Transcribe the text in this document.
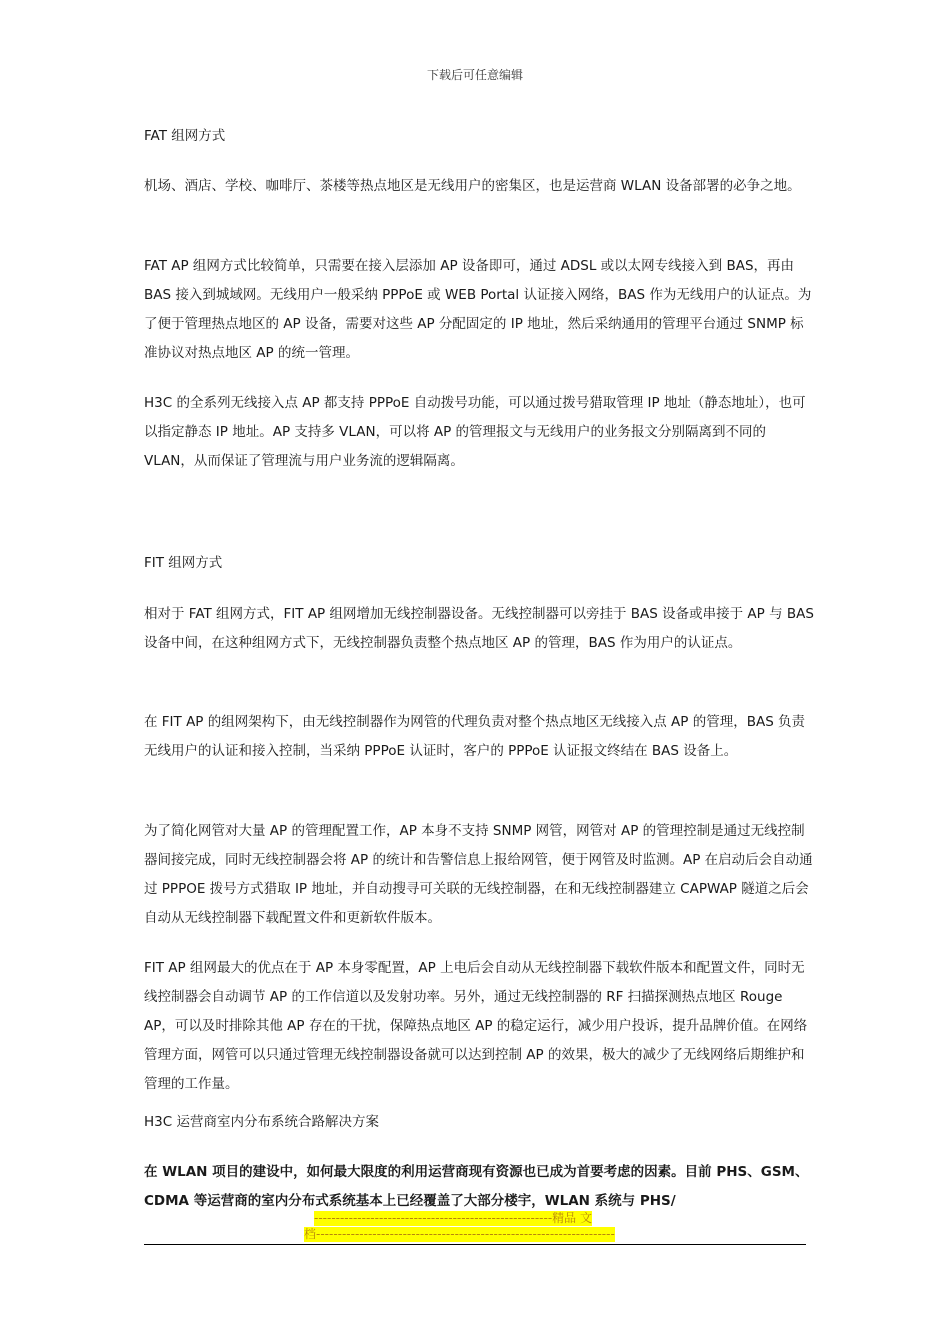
下载后可任意编辑

FAT 组网方式

机场、酒店、学校、咖啡厅、茶楼等热点地区是无线用户的密集区，也是运营商 WLAN 设备部署的必争之地。

FAT AP 组网方式比较简单，只需要在接入层添加 AP 设备即可，通过 ADSL 或以太网专线接入到 BAS，再由 BAS 接入到城域网。无线用户一般采纳 PPPoE 或 WEB Portal 认证接入网络，BAS 作为无线用户的认证点。为了便于管理热点地区的 AP 设备，需要对这些 AP 分配固定的 IP 地址，然后采纳通用的管理平台通过 SNMP 标准协议对热点地区 AP 的统一管理。

H3C 的全系列无线接入点 AP 都支持 PPPoE 自动拨号功能，可以通过拨号猎取管理 IP 地址（静态地址），也可以指定静态 IP 地址。AP 支持多 VLAN，可以将 AP 的管理报文与无线用户的业务报文分别隔离到不同的 VLAN，从而保证了管理流与用户业务流的逻辑隔离。

FIT 组网方式

相对于 FAT 组网方式，FIT AP 组网增加无线控制器设备。无线控制器可以旁挂于 BAS 设备或串接于 AP 与 BAS 设备中间，在这种组网方式下，无线控制器负责整个热点地区 AP 的管理，BAS 作为用户的认证点。

在 FIT AP 的组网架构下，由无线控制器作为网管的代理负责对整个热点地区无线接入点 AP 的管理，BAS 负责无线用户的认证和接入控制，当采纳 PPPoE 认证时，客户的 PPPoE 认证报文终结在 BAS 设备上。

为了简化网管对大量 AP 的管理配置工作，AP 本身不支持 SNMP 网管，网管对 AP 的管理控制是通过无线控制器间接完成，同时无线控制器会将 AP 的统计和告警信息上报给网管，便于网管及时监测。AP 在启动后会自动通过 PPPOE 拨号方式猎取 IP 地址，并自动搜寻可关联的无线控制器，在和无线控制器建立 CAPWAP 隧道之后会自动从无线控制器下载配置文件和更新软件版本。

FIT AP 组网最大的优点在于 AP 本身零配置，AP 上电后会自动从无线控制器下载软件版本和配置文件，同时无线控制器会自动调节 AP 的工作信道以及发射功率。另外，通过无线控制器的 RF 扫描探测热点地区 Rouge AP，可以及时排除其他 AP 存在的干扰，保障热点地区 AP 的稳定运行，减少用户投诉，提升品牌价值。在网络管理方面，网管可以只通过管理无线控制器设备就可以达到控制 AP 的效果，极大的减少了无线网络后期维护和管理的工作量。

H3C 运营商室内分布系统合路解决方案

在 WLAN 项目的建设中，如何最大限度的利用运营商现有资源也已成为首要考虑的因素。目前 PHS、GSM、CDMA 等运营商的室内分布式系统基本上已经覆盖了大部分楼宇，WLAN 系统与 PHS/

-------------------------------------------------------精品 文
档---------------------------------------------------------------------
